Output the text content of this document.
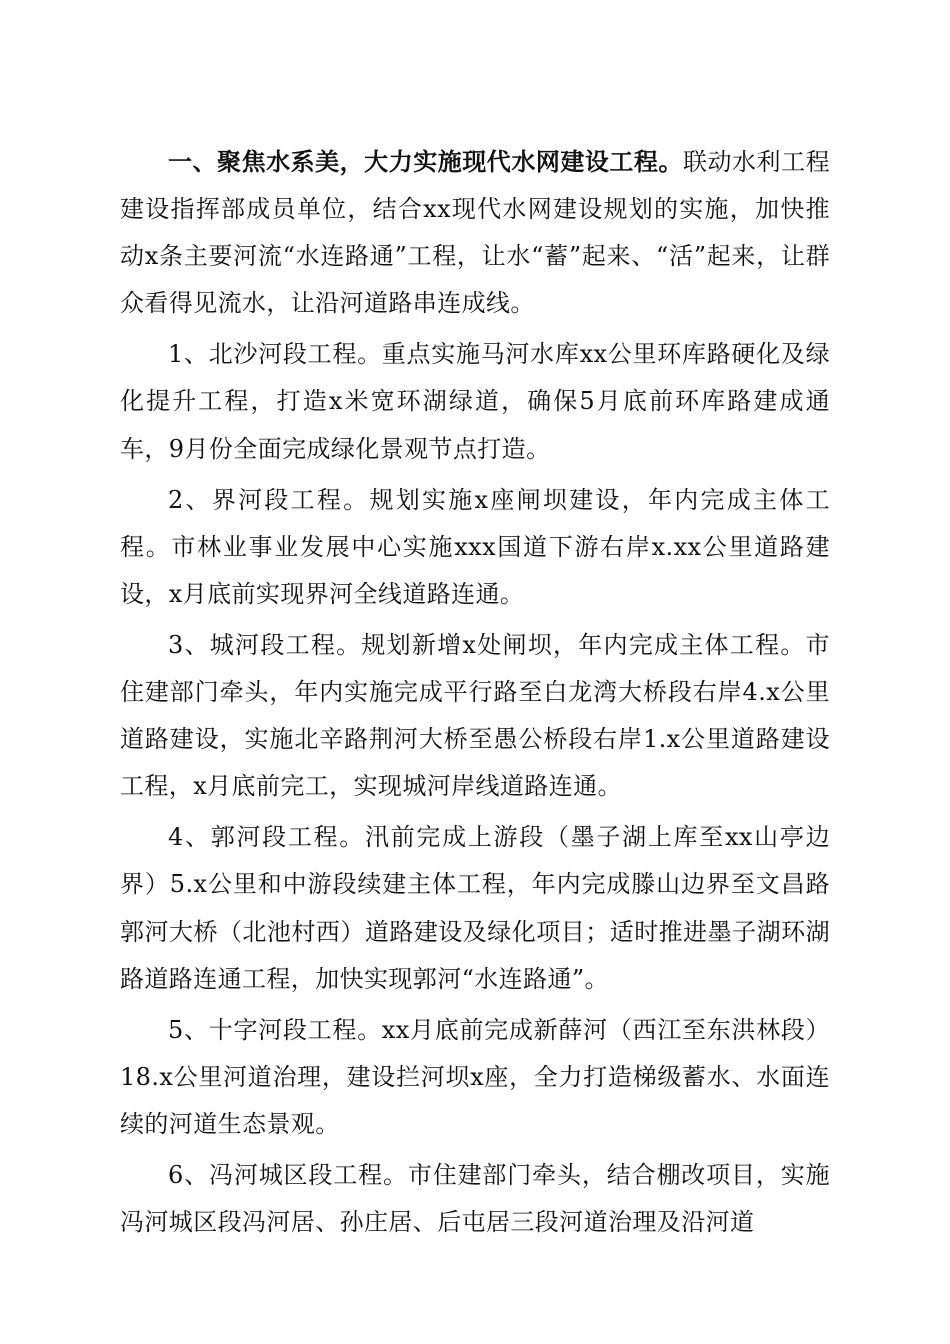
一、聚焦水系美，大力实施现代水网建设工程。联动水利工程建设指挥部成员单位，结合xx现代水网建设规划的实施，加快推动x条主要河流“水连路通”工程，让水“蓄”起来、“活”起来，让群众看得见流水，让沿河道路串连成线。

1、北沙河段工程。重点实施马河水库xx公里环库路硬化及绿化提升工程，打造x米宽环湖绿道，确保5月底前环库路建成通车，9月份全面完成绿化景观节点打造。

2、界河段工程。规划实施x座闸坝建设，年内完成主体工程。市林业事业发展中心实施xxx国道下游右岸x.xx公里道路建设，x月底前实现界河全线道路连通。

3、城河段工程。规划新增x处闸坝，年内完成主体工程。市住建部门牵头，年内实施完成平行路至白龙湾大桥段右岸4.x公里道路建设，实施北辛路荆河大桥至愚公桥段右岸1.x公里道路建设工程，x月底前完工，实现城河岸线道路连通。

4、郭河段工程。汛前完成上游段（墨子湖上库至xx山亭边界）5.x公里和中游段续建主体工程，年内完成滕山边界至文昌路郭河大桥（北池村西）道路建设及绿化项目；适时推进墨子湖环湖路道路连通工程，加快实现郭河“水连路通”。

5、十字河段工程。xx月底前完成新薛河（西江至东洪林段）18.x公里河道治理，建设拦河坝x座，全力打造梯级蓄水、水面连续的河道生态景观。

6、冯河城区段工程。市住建部门牵头，结合棚改项目，实施冯河城区段冯河居、孙庄居、后屯居三段河道治理及沿河道
